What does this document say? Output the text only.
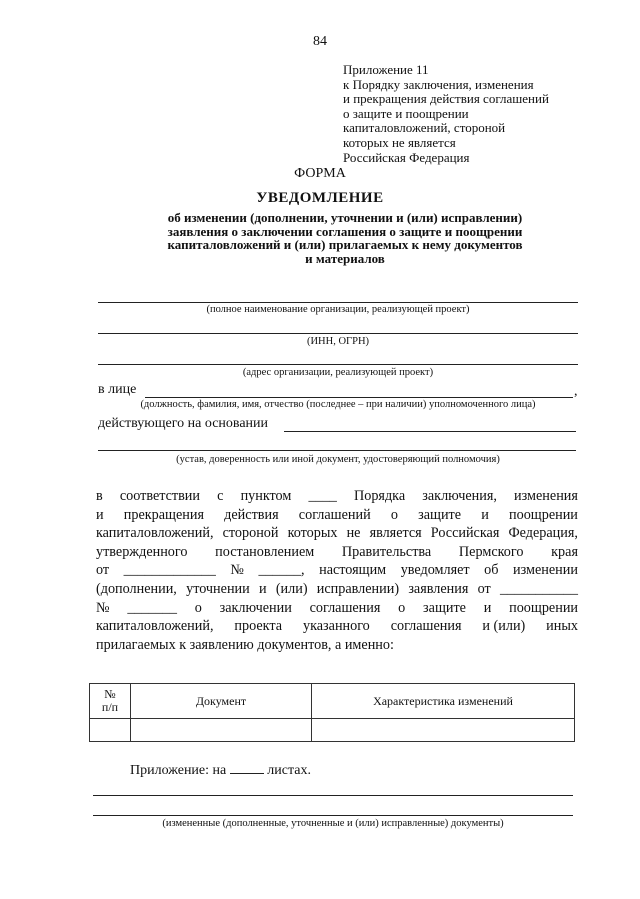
84
Приложение 11
к Порядку заключения, изменения
и прекращения действия соглашений
о защите и поощрении
капиталовложений, стороной
которых не является
Российская Федерация
ФОРМА
УВЕДОМЛЕНИЕ
об изменении (дополнении, уточнении и (или) исправлении)
заявления о заключении соглашения о защите и поощрении
капиталовложений и (или) прилагаемых к нему документов
и материалов
(полное наименование организации, реализующей проект)
(ИНН, ОГРН)
(адрес организации, реализующей проект)
в лице	,
(должность, фамилия, имя, отчество (последнее – при наличии) уполномоченного лица)
действующего на основании
(устав, доверенность или иной документ, удостоверяющий полномочия)
в соответствии с пунктом ____ Порядка заключения, изменения
и прекращения действия соглашений о защите и поощрении
капиталовложений, стороной которых не является Российская Федерация,
утвержденного постановлением Правительства Пермского края
от _____________ № ______, настоящим уведомляет об изменении
(дополнении, уточнении и (или) исправлении) заявления от ___________
№ _______ о заключении соглашения о защите и поощрении
капиталовложений, проекта указанного соглашения и (или) иных
прилагаемых к заявлению документов, а именно:
№
п/п	Документ	Характеристика изменений

Приложение: на	листах.
(измененные (дополненные, уточненные и (или) исправленные) документы)
